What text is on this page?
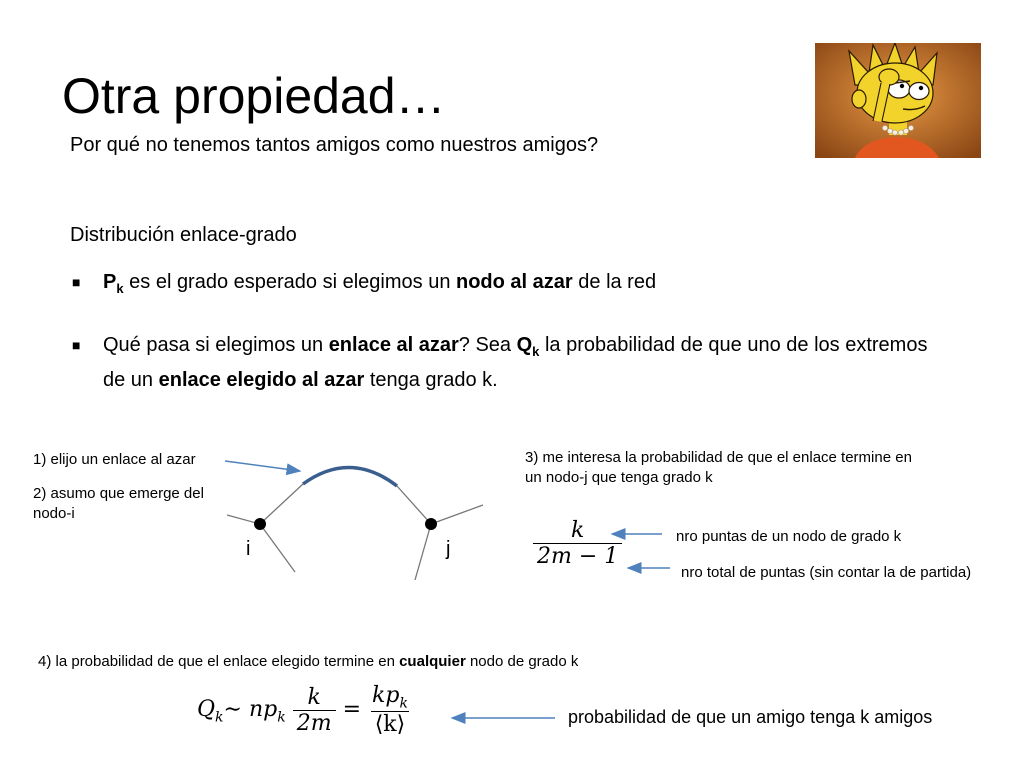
Otra propiedad…
Por qué no tenemos tantos amigos como nuestros amigos?
Distribución enlace-grado
■ $P_k$ es el grado esperado si elegimos un nodo al azar de la red
■ Qué pasa si elegimos un enlace al azar? Sea $Q_k$ la probabilidad de que uno de los extremos de un enlace elegido al azar tenga grado k.
1) elijo un enlace al azar
2) asumo que emerge del nodo-i
i	j
3) me interesa la probabilidad de que el enlace termine en un nodo-j que tenga grado k
$\frac{k}{2m - 1}$	nro puntas de un nodo de grado k
nro total de puntas (sin contar la de partida)
4) la probabilidad de que el enlace elegido termine en cualquier nodo de grado k
$Q_k\sim$ $np_k \frac{k}{2m} = \frac{kp_k}{⟨k⟩}$	probabilidad de que un amigo tenga k amigos
